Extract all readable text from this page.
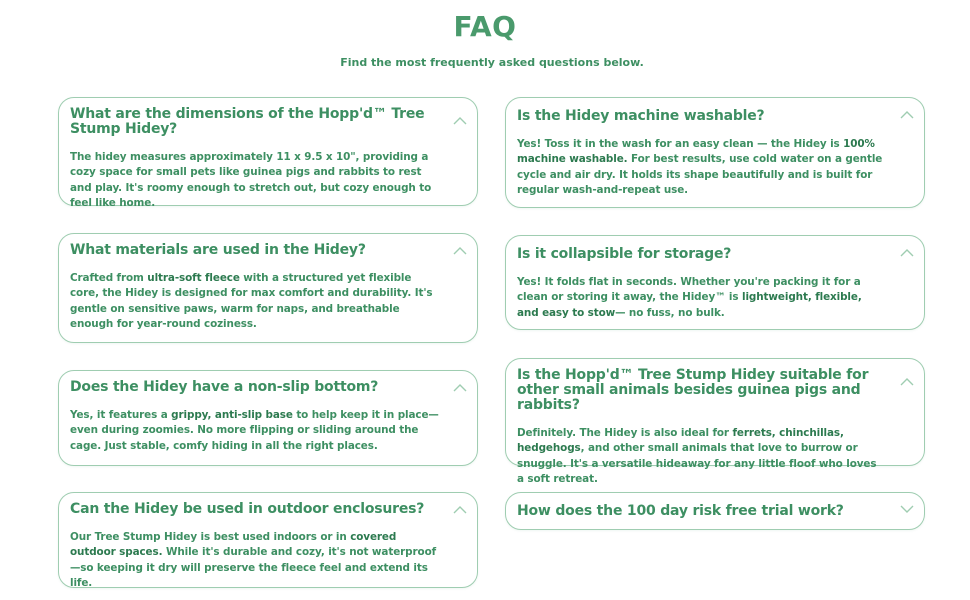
FAQ
Find the most frequently asked questions below.

What are the dimensions of the Hopp'd™ Tree Stump Hidey?

The hidey measures approximately 11 x 9.5 x 10", providing a cozy space for small pets like guinea pigs and rabbits to rest and play. It's roomy enough to stretch out, but cozy enough to feel like home.

What materials are used in the Hidey?

Crafted from ultra-soft fleece with a structured yet flexible core, the Hidey is designed for max comfort and durability. It's gentle on sensitive paws, warm for naps, and breathable enough for year-round coziness.

Does the Hidey have a non-slip bottom?

Yes, it features a grippy, anti-slip base to help keep it in place—even during zoomies. No more flipping or sliding around the cage. Just stable, comfy hiding in all the right places.

Can the Hidey be used in outdoor enclosures?

Our Tree Stump Hidey is best used indoors or in covered outdoor spaces. While it's durable and cozy, it's not waterproof—so keeping it dry will preserve the fleece feel and extend its life.

Is the Hidey machine washable?

Yes! Toss it in the wash for an easy clean — the Hidey is 100% machine washable. For best results, use cold water on a gentle cycle and air dry. It holds its shape beautifully and is built for regular wash-and-repeat use.

Is it collapsible for storage?

Yes! It folds flat in seconds. Whether you're packing it for a clean or storing it away, the Hidey™ is lightweight, flexible, and easy to stow— no fuss, no bulk.

Is the Hopp'd™ Tree Stump Hidey suitable for other small animals besides guinea pigs and rabbits?

Definitely. The Hidey is also ideal for ferrets, chinchillas, hedgehogs, and other small animals that love to burrow or snuggle. It's a versatile hideaway for any little floof who loves a soft retreat.

How does the 100 day risk free trial work?
